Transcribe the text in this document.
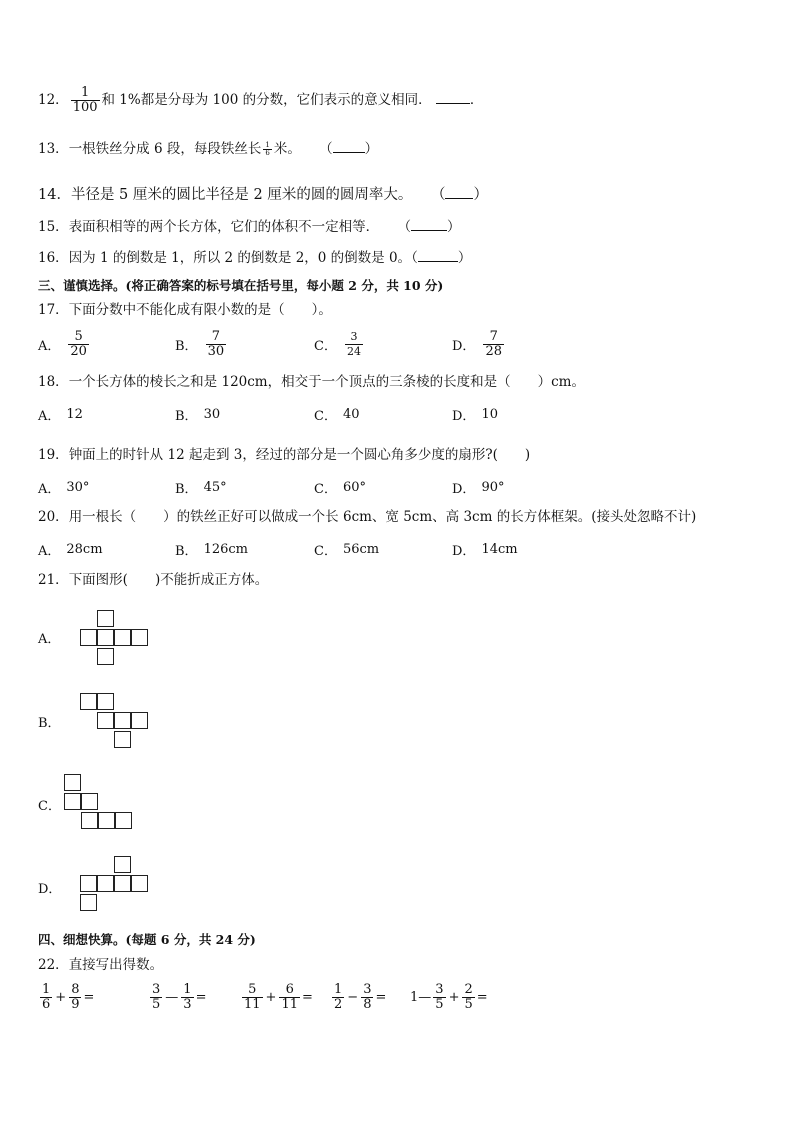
12． $\frac{1}{100}$ 和 1%都是分母为 100 的分数，它们表示的意义相同．	．
13．一根铁丝分成 6 段，每段铁丝长 $\frac{1}{6}$ 米。 （ ）
14．半径是 5 厘米的圆比半径是 2 厘米的圆的圆周率大。 （ ）
15．表面积相等的两个长方体，它们的体积不一定相等． （	）
16．因为 1 的倒数是 1，所以 2 的倒数是 2，0 的倒数是 0。（	）
三、谨慎选择。(将正确答案的标号填在括号里，每小题 2 分，共 10 分)
17．下面分数中不能化成有限小数的是（　　）。
A． $\frac{5}{20}$	B． $\frac{7}{30}$	C． $\frac{3}{24}$	D． $\frac{7}{28}$
18．一个长方体的棱长之和是 120cm，相交于一个顶点的三条棱的长度和是（　　）cm。
A． 12	B． 30	C． 40	D． 10
19．钟面上的时针从 12 起走到 3，经过的部分是一个圆心角多少度的扇形?(　　)
A． 30°	B． 45°	C． 60°	D． 90°
20．用一根长（　　）的铁丝正好可以做成一个长 6cm、宽 5cm、高 3cm 的长方体框架。(接头处忽略不计)
A． 28cm	B． 126cm	C． 56cm	D． 14cm
21．下面图形(　　)不能折成正方体。
A．
B．
C．
D．
四、细想快算。(每题 6 分，共 24 分)
22．直接写出得数。
$\frac{1}{6} + \frac{8}{9}$ =	$\frac{3}{5}$ — $\frac{1}{3}$ =	$\frac{5}{11} + \frac{6}{11} = \frac{1}{2} - \frac{3}{8}$ = 1— $\frac{3}{5} + \frac{2}{5}$ =
